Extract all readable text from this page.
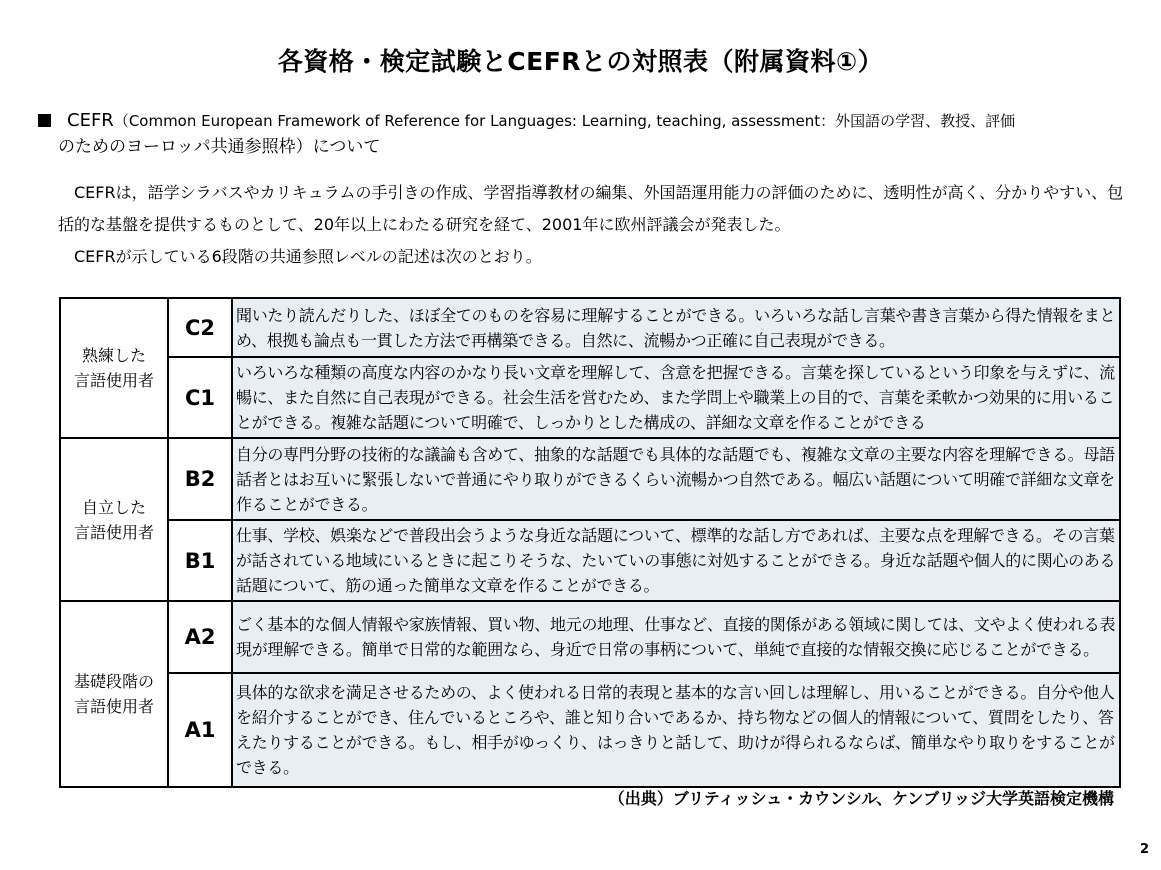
各資格・検定試験とCEFRとの対照表（附属資料①）
CEFR（Common European Framework of Reference for Languages: Learning, teaching, assessment：外国語の学習、教授、評価
のためのヨーロッパ共通参照枠）について

CEFRは，語学シラバスやカリキュラムの手引きの作成、学習指導教材の編集、外国語運用能力の評価のために、透明性が高く、分かりやすい、包括的な基盤を提供するものとして、20年以上にわたる研究を経て、2001年に欧州評議会が発表した。

CEFRが示している6段階の共通参照レベルの記述は次のとおり。

熟練した
言語使用者	C2	聞いたり読んだりした、ほぼ全てのものを容易に理解することができる。いろいろな話し言葉や書き言葉から得た情報をまとめ、根拠も論点も一貫した方法で再構築できる。自然に、流暢かつ正確に自己表現ができる。
	C1	いろいろな種類の高度な内容のかなり長い文章を理解して、含意を把握できる。言葉を探しているという印象を与えずに、流暢に、また自然に自己表現ができる。社会生活を営むため、また学問上や職業上の目的で、言葉を柔軟かつ効果的に用いることができる。複雑な話題について明確で、しっかりとした構成の、詳細な文章を作ることができる
自立した
言語使用者	B2	自分の専門分野の技術的な議論も含めて、抽象的な話題でも具体的な話題でも、複雑な文章の主要な内容を理解できる。母語話者とはお互いに緊張しないで普通にやり取りができるくらい流暢かつ自然である。幅広い話題について明確で詳細な文章を作ることができる。
	B1	仕事、学校、娯楽などで普段出会うような身近な話題について、標準的な話し方であれば、主要な点を理解できる。その言葉が話されている地域にいるときに起こりそうな、たいていの事態に対処することができる。身近な話題や個人的に関心のある話題について、筋の通った簡単な文章を作ることができる。
基礎段階の
言語使用者	A2	ごく基本的な個人情報や家族情報、買い物、地元の地理、仕事など、直接的関係がある領域に関しては、文やよく使われる表現が理解できる。簡単で日常的な範囲なら、身近で日常の事柄について、単純で直接的な情報交換に応じることができる。
	A1	具体的な欲求を満足させるための、よく使われる日常的表現と基本的な言い回しは理解し、用いることができる。自分や他人を紹介することができ、住んでいるところや、誰と知り合いであるか、持ち物などの個人的情報について、質問をしたり、答えたりすることができる。もし、相手がゆっくり、はっきりと話して、助けが得られるならば、簡単なやり取りをすることができる。
（出典）ブリティッシュ・カウンシル、ケンブリッジ大学英語検定機構
2
